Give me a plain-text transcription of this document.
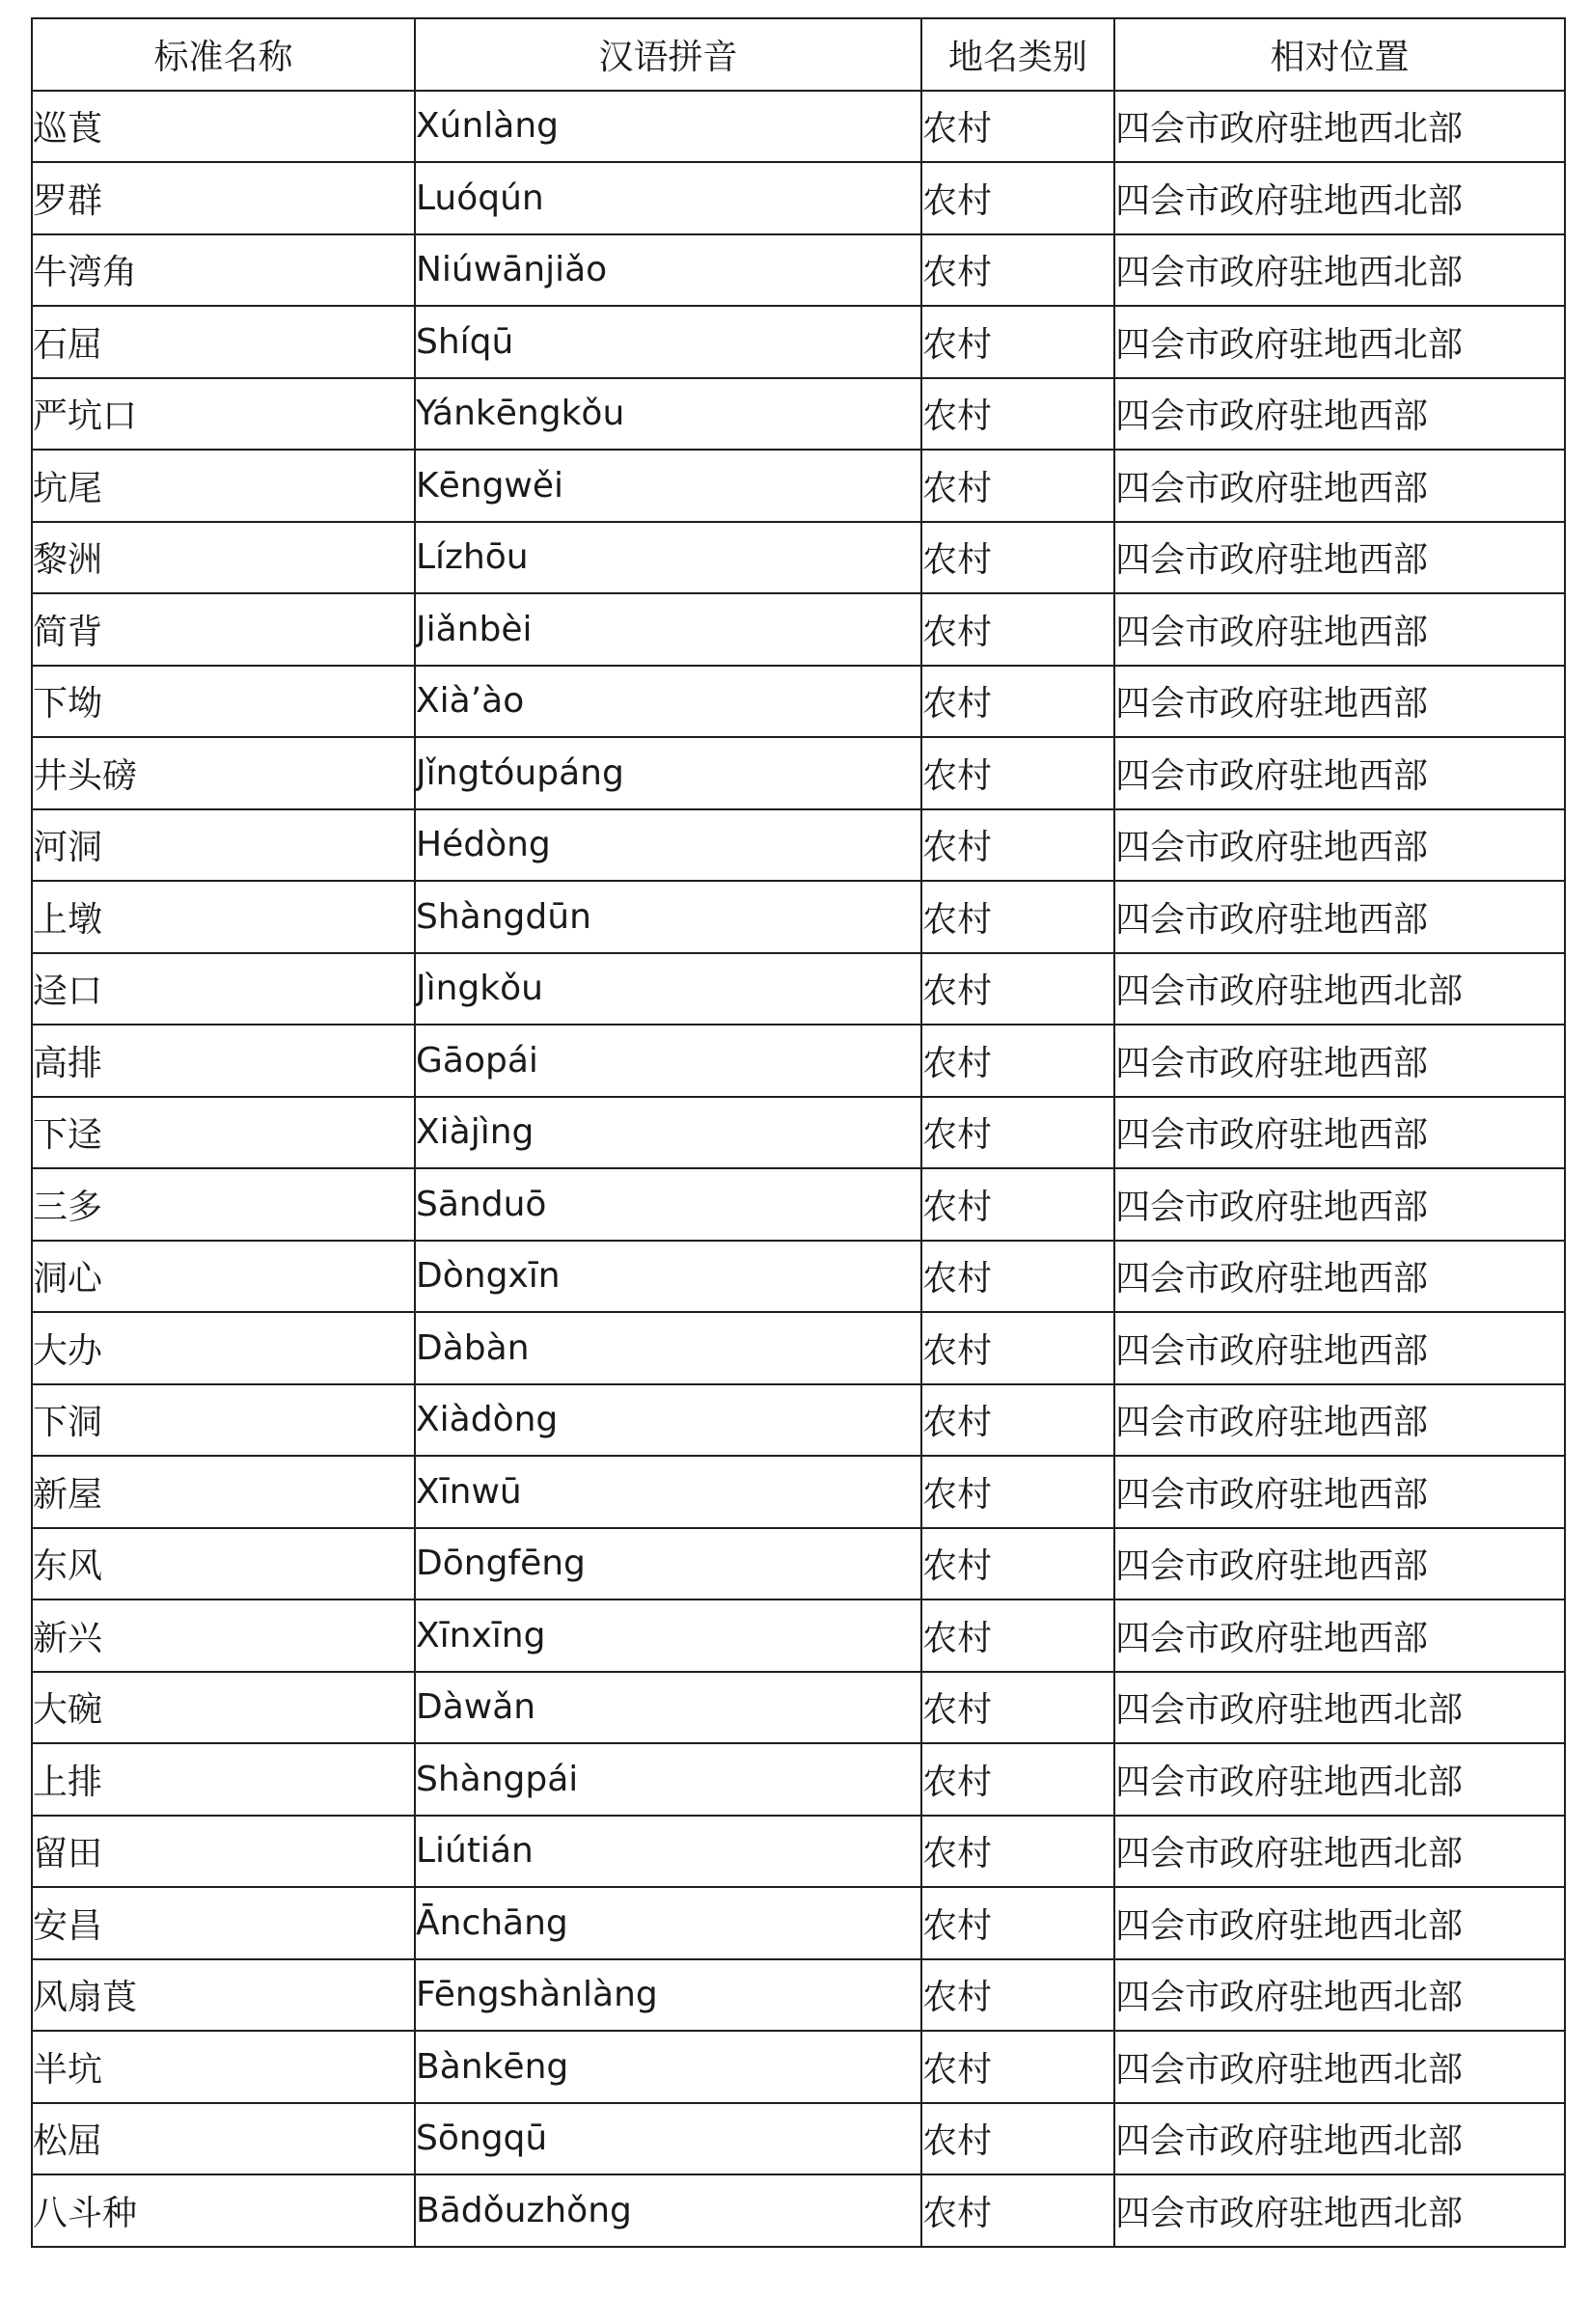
标准名称	汉语拼音	地名类别	相对位置
巡莨	Xúnlàng	农村	四会市政府驻地西北部
罗群	Luóqún	农村	四会市政府驻地西北部
牛湾角	Niúwānjiǎo	农村	四会市政府驻地西北部
石屈	Shíqū	农村	四会市政府驻地西北部
严坑口	Yánkēngkǒu	农村	四会市政府驻地西部
坑尾	Kēngwěi	农村	四会市政府驻地西部
黎洲	Lízhōu	农村	四会市政府驻地西部
简背	Jiǎnbèi	农村	四会市政府驻地西部
下坳	Xià’ào	农村	四会市政府驻地西部
井头磅	Jǐngtóupáng	农村	四会市政府驻地西部
河洞	Hédòng	农村	四会市政府驻地西部
上墩	Shàngdūn	农村	四会市政府驻地西部
迳口	Jìngkǒu	农村	四会市政府驻地西北部
高排	Gāopái	农村	四会市政府驻地西部
下迳	Xiàjìng	农村	四会市政府驻地西部
三多	Sānduō	农村	四会市政府驻地西部
洞心	Dòngxīn	农村	四会市政府驻地西部
大办	Dàbàn	农村	四会市政府驻地西部
下洞	Xiàdòng	农村	四会市政府驻地西部
新屋	Xīnwū	农村	四会市政府驻地西部
东风	Dōngfēng	农村	四会市政府驻地西部
新兴	Xīnxīng	农村	四会市政府驻地西部
大碗	Dàwǎn	农村	四会市政府驻地西北部
上排	Shàngpái	农村	四会市政府驻地西北部
留田	Liútián	农村	四会市政府驻地西北部
安昌	Ānchāng	农村	四会市政府驻地西北部
风扇莨	Fēngshànlàng	农村	四会市政府驻地西北部
半坑	Bànkēng	农村	四会市政府驻地西北部
松屈	Sōngqū	农村	四会市政府驻地西北部
八斗种	Bādǒuzhǒng	农村	四会市政府驻地西北部
